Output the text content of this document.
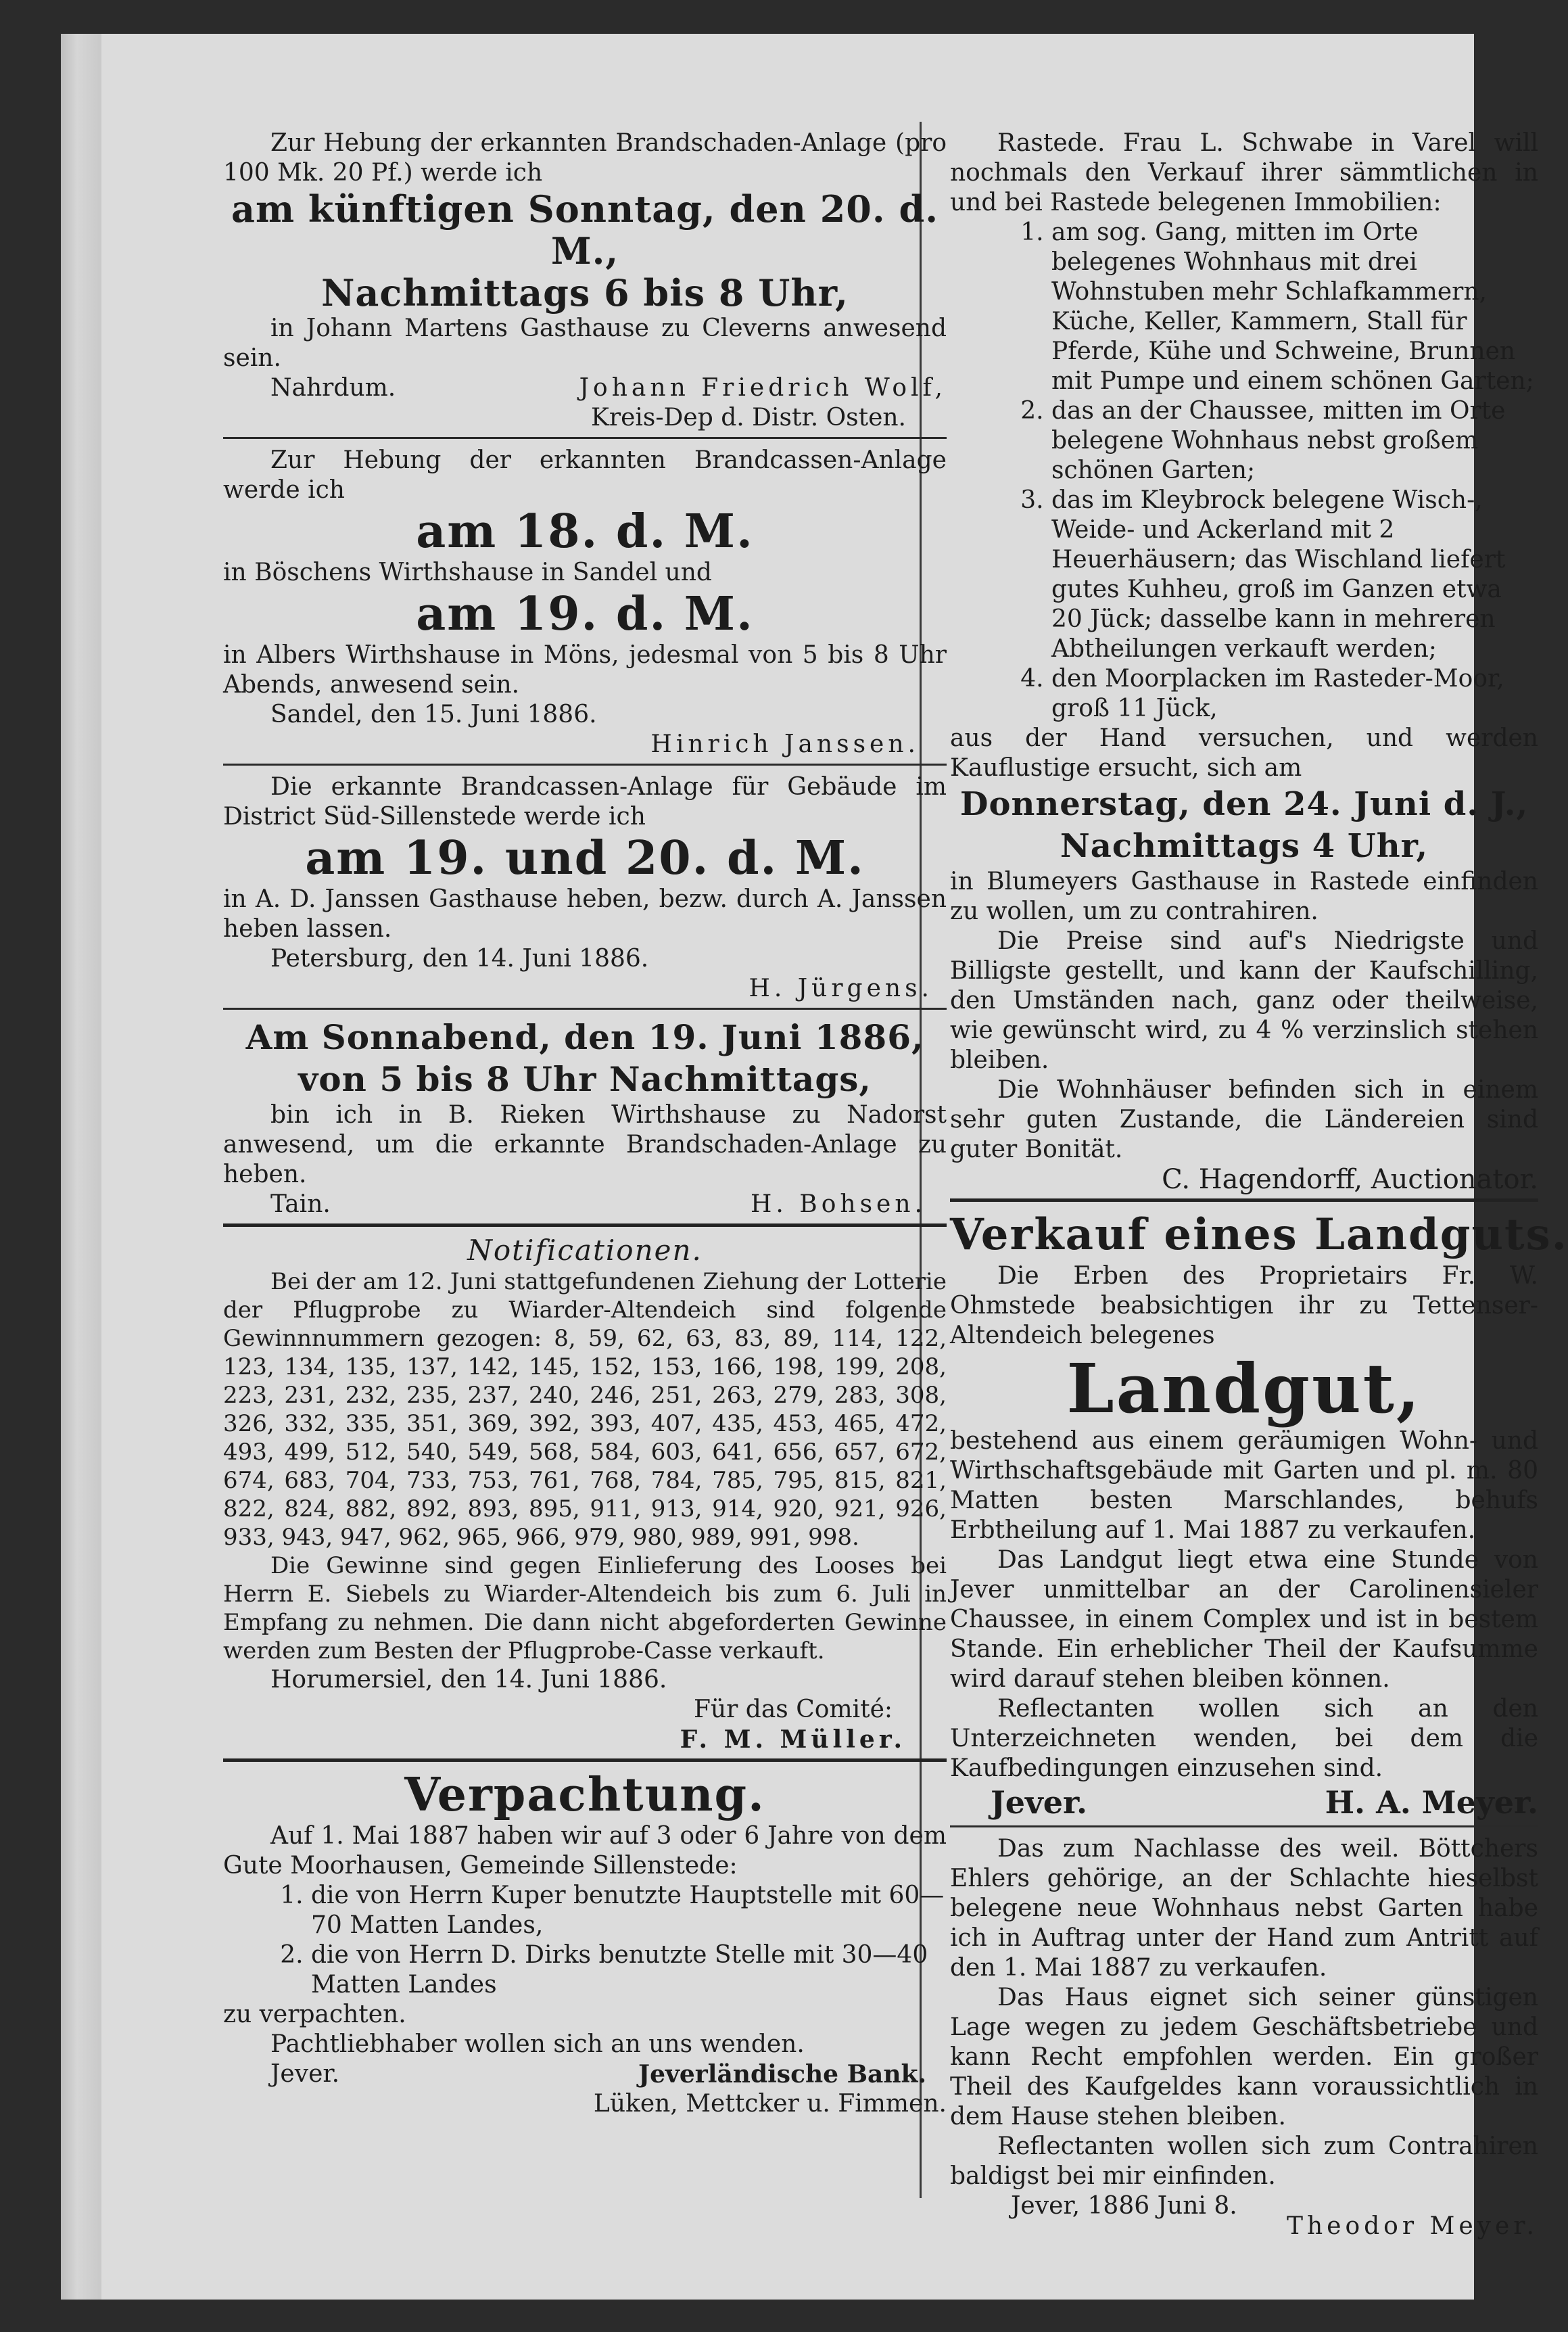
Zur Hebung der erkannten Brandschaden-Anlage (pro 100 Mk. 20 Pf.) werde ich

am künftigen Sonntag, den 20. d. M.,

Nachmittags 6 bis 8 Uhr,

in Johann Martens Gasthause zu Cleverns anwesend sein.

Nahrdum.	Johann Friedrich Wolf,

Kreis-Dep d. Distr. Osten.

Zur Hebung der erkannten Brandcassen-Anlage werde ich

am 18. d. M.

in Böschens Wirthshause in Sandel und

am 19. d. M.

in Albers Wirthshause in Möns, jedesmal von 5 bis 8 Uhr Abends, anwesend sein.

Sandel, den 15. Juni 1886.

Hinrich Janssen.

Die erkannte Brandcassen-Anlage für Gebäude im District Süd-Sillenstede werde ich

am 19. und 20. d. M.

in A. D. Janssen Gasthause heben, bezw. durch A. Janssen heben lassen.

Petersburg, den 14. Juni 1886.

H. Jürgens.

Am Sonnabend, den 19. Juni 1886,

von 5 bis 8 Uhr Nachmittags,

bin ich in B. Rieken Wirthshause zu Nadorst anwesend, um die erkannte Brandschaden-Anlage zu heben.

Tain.	H. Bohsen.

Notificationen.

Bei der am 12. Juni stattgefundenen Ziehung der Lotterie der Pflugprobe zu Wiarder-Altendeich sind folgende Gewinnnummern gezogen: 8, 59, 62, 63, 83, 89, 114, 122, 123, 134, 135, 137, 142, 145, 152, 153, 166, 198, 199, 208, 223, 231, 232, 235, 237, 240, 246, 251, 263, 279, 283, 308, 326, 332, 335, 351, 369, 392, 393, 407, 435, 453, 465, 472, 493, 499, 512, 540, 549, 568, 584, 603, 641, 656, 657, 672, 674, 683, 704, 733, 753, 761, 768, 784, 785, 795, 815, 821, 822, 824, 882, 892, 893, 895, 911, 913, 914, 920, 921, 926, 933, 943, 947, 962, 965, 966, 979, 980, 989, 991, 998.

Die Gewinne sind gegen Einlieferung des Looses bei Herrn E. Siebels zu Wiarder-Altendeich bis zum 6. Juli in Empfang zu nehmen. Die dann nicht abgeforderten Gewinne werden zum Besten der Pflugprobe-Casse verkauft.

Horumersiel, den 14. Juni 1886.

Für das Comité:

F. M. Müller.

Verpachtung.

Auf 1. Mai 1887 haben wir auf 3 oder 6 Jahre von dem Gute Moorhausen, Gemeinde Sillenstede:

1. die von Herrn Kuper benutzte Hauptstelle mit 60—70 Matten Landes,
2. die von Herrn D. Dirks benutzte Stelle mit 30—40 Matten Landes

zu verpachten.

Pachtliebhaber wollen sich an uns wenden.

Jever.	Jeverländische Bank.

Lüken, Mettcker u. Fimmen.

Rastede. Frau L. Schwabe in Varel will nochmals den Verkauf ihrer sämmtlichen in und bei Rastede belegenen Immobilien:

1. am sog. Gang, mitten im Orte belegenes Wohnhaus mit drei Wohnstuben mehr Schlafkammern, Küche, Keller, Kammern, Stall für Pferde, Kühe und Schweine, Brunnen mit Pumpe und einem schönen Garten;
2. das an der Chaussee, mitten im Orte belegene Wohnhaus nebst großem schönen Garten;
3. das im Kleybrock belegene Wisch-, Weide- und Ackerland mit 2 Heuerhäusern; das Wischland liefert gutes Kuhheu, groß im Ganzen etwa 20 Jück; dasselbe kann in mehreren Abtheilungen verkauft werden;
4. den Moorplacken im Rasteder-Moor, groß 11 Jück,

aus der Hand versuchen, und werden Kauflustige ersucht, sich am

Donnerstag, den 24. Juni d. J.,

Nachmittags 4 Uhr,

in Blumeyers Gasthause in Rastede einfinden zu wollen, um zu contrahiren.

Die Preise sind auf's Niedrigste und Billigste gestellt, und kann der Kaufschilling, den Umständen nach, ganz oder theilweise, wie gewünscht wird, zu 4 % verzinslich stehen bleiben.

Die Wohnhäuser befinden sich in einem sehr guten Zustande, die Ländereien sind guter Bonität.

C. Hagendorff, Auctionator.

Verkauf eines Landguts.

Die Erben des Proprietairs Fr. W. Ohmstede beabsichtigen ihr zu Tettenser-Altendeich belegenes

Landgut,

bestehend aus einem geräumigen Wohn- und Wirthschaftsgebäude mit Garten und pl. m. 80 Matten besten Marschlandes, behufs Erbtheilung auf 1. Mai 1887 zu verkaufen.

Das Landgut liegt etwa eine Stunde von Jever unmittelbar an der Carolinensieler Chaussee, in einem Complex und ist in bestem Stande. Ein erheblicher Theil der Kaufsumme wird darauf stehen bleiben können.

Reflectanten wollen sich an den Unterzeichneten wenden, bei dem die Kaufbedingungen einzusehen sind.

Jever.	H. A. Meyer.

Das zum Nachlasse des weil. Böttchers Ehlers gehörige, an der Schlachte hieselbst belegene neue Wohnhaus nebst Garten habe ich in Auftrag unter der Hand zum Antritt auf den 1. Mai 1887 zu verkaufen.

Das Haus eignet sich seiner günstigen Lage wegen zu jedem Geschäftsbetriebe und kann Recht empfohlen werden. Ein großer Theil des Kaufgeldes kann voraussichtlich in dem Hause stehen bleiben.

Reflectanten wollen sich zum Contrahiren baldigst bei mir einfinden.

Jever, 1886 Juni 8.
Theodor Meyer.
